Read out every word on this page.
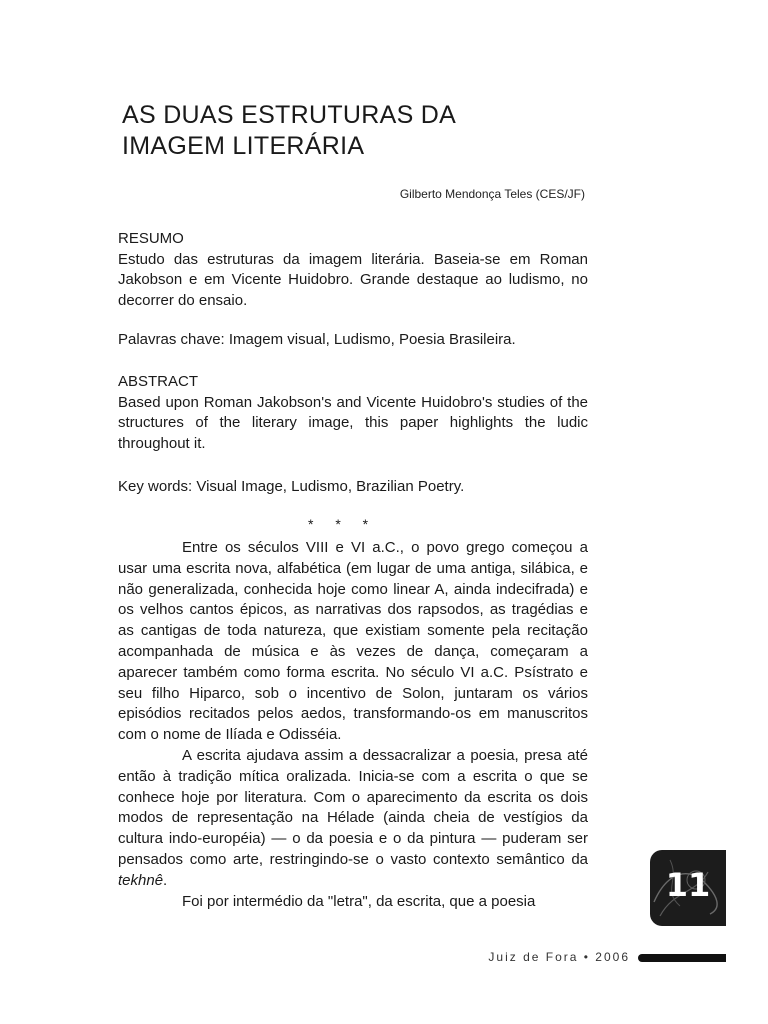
AS DUAS ESTRUTURAS DA
IMAGEM LITERÁRIA
Gilberto Mendonça Teles (CES/JF)
RESUMO
Estudo das estruturas da imagem literária. Baseia-se em Roman Jakobson e em Vicente Huidobro. Grande destaque ao ludismo, no decorrer do ensaio.
Palavras chave: Imagem visual, Ludismo, Poesia Brasileira.
ABSTRACT
Based upon Roman Jakobson's and Vicente Huidobro's studies of the structures of the literary image, this paper highlights the ludic throughout it.
Key words: Visual Image, Ludismo, Brazilian Poetry.
* * *

Entre os séculos VIII e VI a.C., o povo grego começou a usar uma escrita nova, alfabética (em lugar de uma antiga, silábica, e não generalizada, conhecida hoje como linear A, ainda indecifrada) e os velhos cantos épicos, as narrativas dos rapsodos, as tragédias e as cantigas de toda natureza, que existiam somente pela recitação acompanhada de música e às vezes de dança, começaram a aparecer também como forma escrita. No século VI a.C. Psístrato e seu filho Hiparco, sob o incentivo de Solon, juntaram os vários episódios recitados pelos aedos, transformando-os em manuscritos com o nome de Ilíada e Odisséia.

A escrita ajudava assim a dessacralizar a poesia, presa até então à tradição mítica oralizada. Inicia-se com a escrita o que se conhece hoje por literatura. Com o aparecimento da escrita os dois modos de representação na Hélade (ainda cheia de vestígios da cultura indo-européia) — o da poesia e o da pintura — puderam ser pensados como arte, restringindo-se o vasto contexto semântico da tekhnê.

Foi por intermédio da "letra", da escrita, que a poesia	11
Juiz de Fora • 2006
